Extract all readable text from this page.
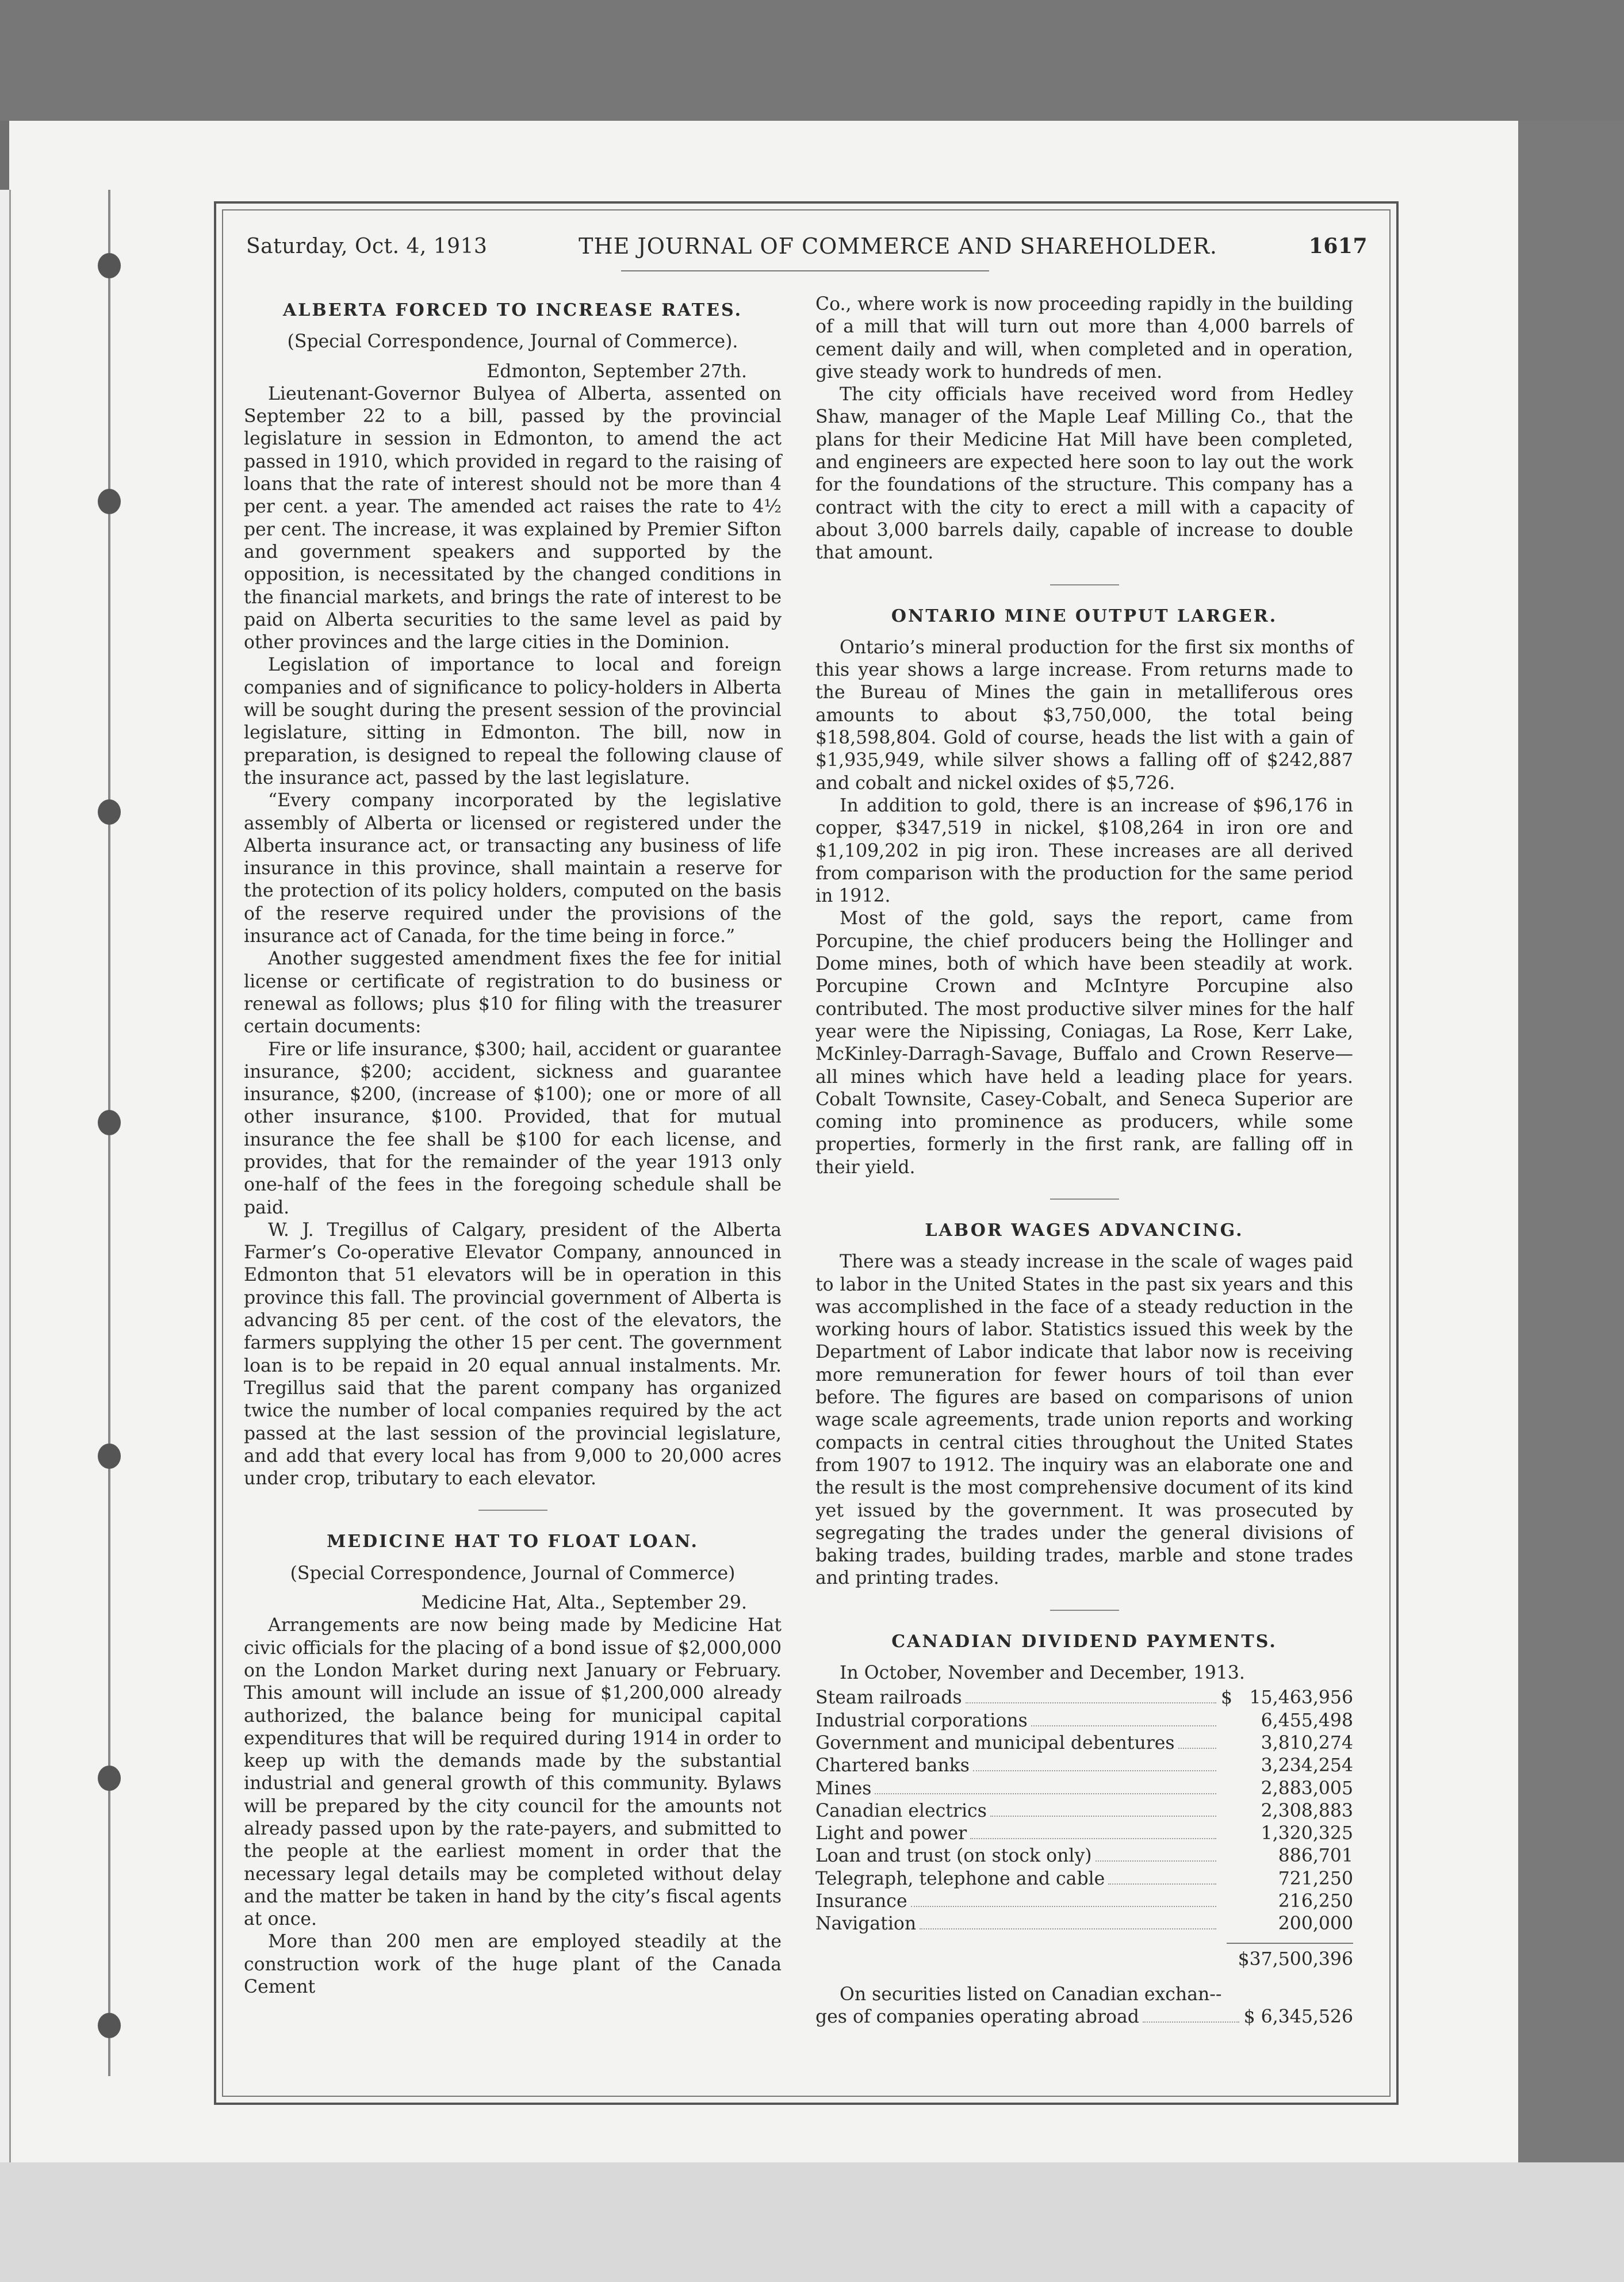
Saturday, Oct. 4, 1913	THE JOURNAL OF COMMERCE AND SHAREHOLDER.	1617
ALBERTA FORCED TO INCREASE RATES.
(Special Correspondence, Journal of Commerce).
Edmonton, September 27th.

Lieutenant-Governor Bulyea of Alberta, assented on September 22 to a bill, passed by the provincial legislature in session in Edmonton, to amend the act passed in 1910, which provided in regard to the raising of loans that the rate of interest should not be more than 4 per cent. a year. The amended act raises the rate to 4½ per cent. The increase, it was explained by Premier Sifton and government speakers and supported by the opposition, is necessitated by the changed conditions in the financial markets, and brings the rate of interest to be paid on Alberta securities to the same level as paid by other provinces and the large cities in the Dominion.

Legislation of importance to local and foreign companies and of significance to policy-holders in Alberta will be sought during the present session of the provincial legislature, sitting in Edmonton. The bill, now in preparation, is designed to repeal the following clause of the insurance act, passed by the last legislature.

“Every company incorporated by the legislative assembly of Alberta or licensed or registered under the Alberta insurance act, or transacting any business of life insurance in this province, shall maintain a reserve for the protection of its policy holders, computed on the basis of the reserve required under the provisions of the insurance act of Canada, for the time being in force.”

Another suggested amendment fixes the fee for initial license or certificate of registration to do business or renewal as follows; plus $10 for filing with the treasurer certain documents:

Fire or life insurance, $300; hail, accident or guarantee insurance, $200; accident, sickness and guarantee insurance, $200, (increase of $100); one or more of all other insurance, $100. Provided, that for mutual insurance the fee shall be $100 for each license, and provides, that for the remainder of the year 1913 only one-half of the fees in the foregoing schedule shall be paid.

W. J. Tregillus of Calgary, president of the Alberta Farmer’s Co-operative Elevator Company, announced in Edmonton that 51 elevators will be in operation in this province this fall. The provincial government of Alberta is advancing 85 per cent. of the cost of the elevators, the farmers supplying the other 15 per cent. The government loan is to be repaid in 20 equal annual instalments. Mr. Tregillus said that the parent company has organized twice the number of local companies required by the act passed at the last session of the provincial legislature, and add that every local has from 9,000 to 20,000 acres under crop, tributary to each elevator.

MEDICINE HAT TO FLOAT LOAN.
(Special Correspondence, Journal of Commerce)
Medicine Hat, Alta., September 29.

Arrangements are now being made by Medicine Hat civic officials for the placing of a bond issue of $2,000,000 on the London Market during next January or February. This amount will include an issue of $1,200,000 already authorized, the balance being for municipal capital expenditures that will be required during 1914 in order to keep up with the demands made by the substantial industrial and general growth of this community. Bylaws will be prepared by the city council for the amounts not already passed upon by the rate-payers, and submitted to the people at the earliest moment in order that the necessary legal details may be completed without delay and the matter be taken in hand by the city’s fiscal agents at once.

More than 200 men are employed steadily at the construction work of the huge plant of the Canada Cement

Co., where work is now proceeding rapidly in the building of a mill that will turn out more than 4,000 barrels of cement daily and will, when completed and in operation, give steady work to hundreds of men.

The city officials have received word from Hedley Shaw, manager of the Maple Leaf Milling Co., that the plans for their Medicine Hat Mill have been completed, and engineers are expected here soon to lay out the work for the foundations of the structure. This company has a contract with the city to erect a mill with a capacity of about 3,000 barrels daily, capable of increase to double that amount.

ONTARIO MINE OUTPUT LARGER.

Ontario’s mineral production for the first six months of this year shows a large increase. From returns made to the Bureau of Mines the gain in metalliferous ores amounts to about $3,750,000, the total being $18,598,804. Gold of course, heads the list with a gain of $1,935,949, while silver shows a falling off of $242,887 and cobalt and nickel oxides of $5,726.

In addition to gold, there is an increase of $96,176 in copper, $347,519 in nickel, $108,264 in iron ore and $1,109,202 in pig iron. These increases are all derived from comparison with the production for the same period in 1912.

Most of the gold, says the report, came from Porcupine, the chief producers being the Hollinger and Dome mines, both of which have been steadily at work. Porcupine Crown and McIntyre Porcupine also contributed. The most productive silver mines for the half year were the Nipissing, Coniagas, La Rose, Kerr Lake, McKinley-Darragh-Savage, Buffalo and Crown Reserve—all mines which have held a leading place for years. Cobalt Townsite, Casey-Cobalt, and Seneca Superior are coming into prominence as producers, while some properties, formerly in the first rank, are falling off in their yield.

LABOR WAGES ADVANCING.

There was a steady increase in the scale of wages paid to labor in the United States in the past six years and this was accomplished in the face of a steady reduction in the working hours of labor. Statistics issued this week by the Department of Labor indicate that labor now is receiving more remuneration for fewer hours of toil than ever before. The figures are based on comparisons of union wage scale agreements, trade union reports and working compacts in central cities throughout the United States from 1907 to 1912. The inquiry was an elaborate one and the result is the most comprehensive document of its kind yet issued by the government. It was prosecuted by segregating the trades under the general divisions of baking trades, building trades, marble and stone trades and printing trades.

CANADIAN DIVIDEND PAYMENTS.

In October, November and December, 1913.

Steam railroads	$ 15,463,956
Industrial corporations	6,455,498
Government and municipal debentures	3,810,274
Chartered banks	3,234,254
Mines	2,883,005
Canadian electrics	2,308,883
Light and power	1,320,325
Loan and trust (on stock only)	886,701
Telegraph, telephone and cable	721,250
Insurance	216,250
Navigation	200,000
$37,500,396

On securities listed on Canadian exchan--

ges of companies operating abroad	$ 6,345,526
